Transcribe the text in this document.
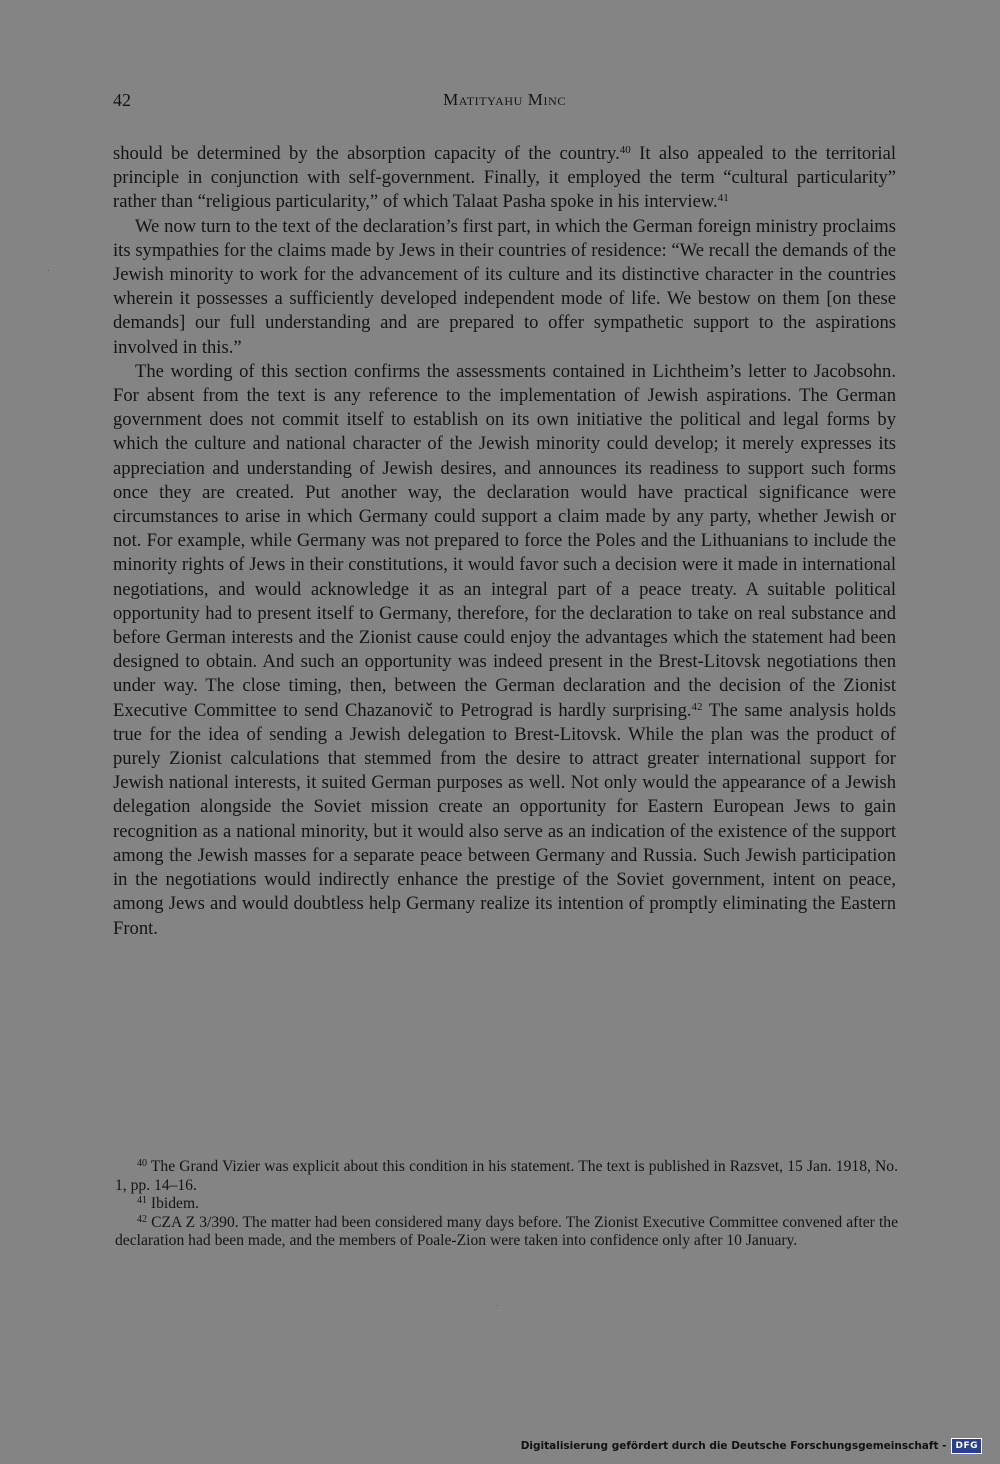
42	Matityahu Minc

should be determined by the absorption capacity of the country.$^{40}$ It also appealed to the territorial principle in conjunction with self-government. Finally, it employed the term “cultural particularity” rather than “religious particularity,” of which Talaat Pasha spoke in his interview.$^{41}$

We now turn to the text of the declaration’s first part, in which the German foreign ministry proclaims its sympathies for the claims made by Jews in their countries of residence: “We recall the demands of the Jewish minority to work for the advancement of its culture and its distinctive character in the countries wherein it possesses a sufficiently developed independent mode of life. We bestow on them [on these demands] our full understanding and are prepared to offer sympathetic support to the aspirations involved in this.”

The wording of this section confirms the assessments contained in Lichtheim’s letter to Jacobsohn. For absent from the text is any reference to the implementation of Jewish aspirations. The German government does not commit itself to establish on its own initiative the political and legal forms by which the culture and national character of the Jewish minority could develop; it merely expresses its appreciation and understanding of Jewish desires, and announces its readiness to support such forms once they are created. Put another way, the declaration would have practical significance were circumstances to arise in which Germany could support a claim made by any party, whether Jewish or not. For example, while Germany was not prepared to force the Poles and the Lithuanians to include the minority rights of Jews in their constitutions, it would favor such a decision were it made in international negotiations, and would acknowledge it as an integral part of a peace treaty. A suitable political opportunity had to present itself to Germany, therefore, for the declaration to take on real substance and before German interests and the Zionist cause could enjoy the advantages which the statement had been designed to obtain. And such an opportunity was indeed present in the Brest-Litovsk negotiations then under way. The close timing, then, between the German declaration and the decision of the Zionist Executive Committee to send Chazanovič to Petrograd is hardly surprising.$^{42}$ The same analysis holds true for the idea of sending a Jewish delegation to Brest-Litovsk. While the plan was the product of purely Zionist calculations that stemmed from the desire to attract greater international support for Jewish national interests, it suited German purposes as well. Not only would the appearance of a Jewish delegation alongside the Soviet mission create an opportunity for Eastern European Jews to gain recognition as a national minority, but it would also serve as an indication of the existence of the support among the Jewish masses for a separate peace between Germany and Russia. Such Jewish participation in the negotiations would indirectly enhance the prestige of the Soviet government, intent on peace, among Jews and would doubtless help Germany realize its intention of promptly eliminating the Eastern Front.

$^{40}$ The Grand Vizier was explicit about this condition in his statement. The text is published in Razsvet, 15 Jan. 1918, No. 1, pp. 14–16.

$^{41}$ Ibidem.

$^{42}$ CZA Z 3/390. The matter had been considered many days before. The Zionist Executive Committee convened after the declaration had been made, and the members of Poale-Zion were taken into confidence only after 10 January.

Digitalisierung gefördert durch die Deutsche Forschungsgemeinschaft -	DFG
